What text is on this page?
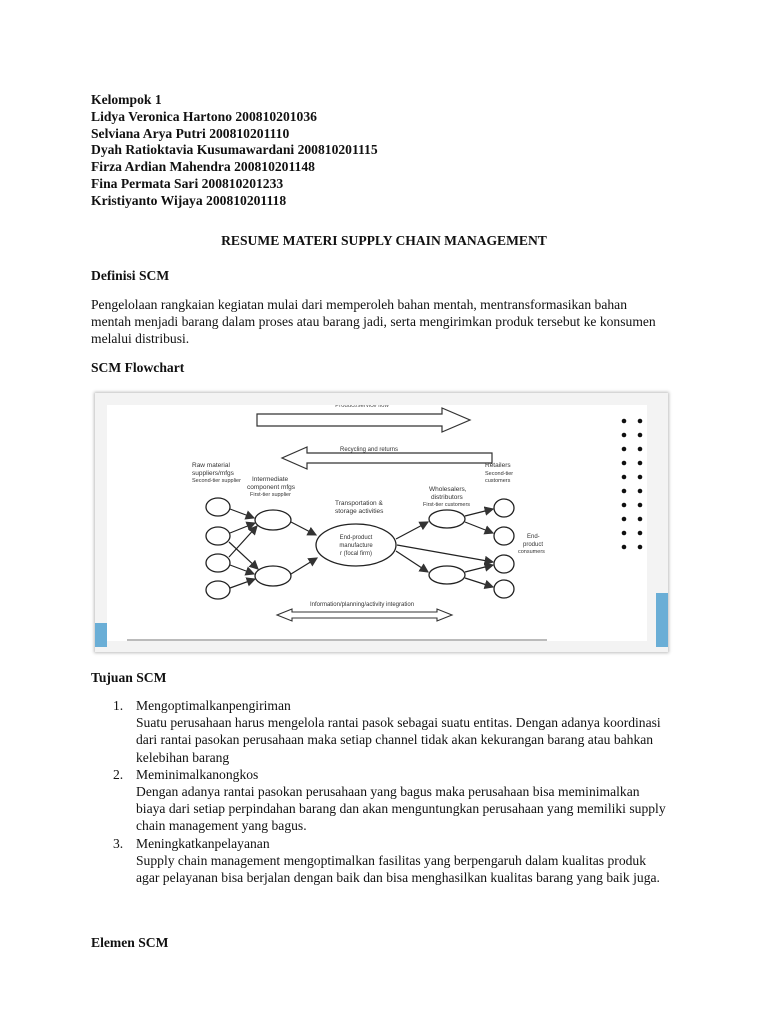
Kelompok 1
Lidya Veronica Hartono 200810201036
Selviana Arya Putri 200810201110
Dyah Ratioktavia Kusumawardani 200810201115
Firza Ardian Mahendra 200810201148
Fina Permata Sari 200810201233
Kristiyanto Wijaya 200810201118
RESUME MATERI SUPPLY CHAIN MANAGEMENT
Definisi SCM
Pengelolaan rangkaian kegiatan mulai dari memperoleh bahan mentah, mentransformasikan bahan
mentah menjadi barang dalam proses atau barang jadi, serta mengirimkan produk tersebut ke konsumen
melalui distribusi.
SCM Flowchart
Product/service flow
Recycling and returns
Raw material
suppliers/mfgs
Second-tier supplier Intermediate
component mfgs
First-tier supplier
Transportation &
storage activities
Wholesalers,
distributors
First-tier customers
Retailers
Second-tier
customers
End-
product
consumers
End-product
manufacture
r (focal firm)
Information/planning/activity integration
Tujuan SCM
1. Mengoptimalkanpengiriman
Suatu perusahaan harus mengelola rantai pasok sebagai suatu entitas. Dengan adanya koordinasi
dari rantai pasokan perusahaan maka setiap channel tidak akan kekurangan barang atau bahkan
kelebihan barang
2. Meminimalkanongkos
Dengan adanya rantai pasokan perusahaan yang bagus maka perusahaan bisa meminimalkan
biaya dari setiap perpindahan barang dan akan menguntungkan perusahaan yang memiliki supply
chain management yang bagus.
3. Meningkatkanpelayanan
Supply chain management mengoptimalkan fasilitas yang berpengaruh dalam kualitas produk
agar pelayanan bisa berjalan dengan baik dan bisa menghasilkan kualitas barang yang baik juga.
Elemen SCM
